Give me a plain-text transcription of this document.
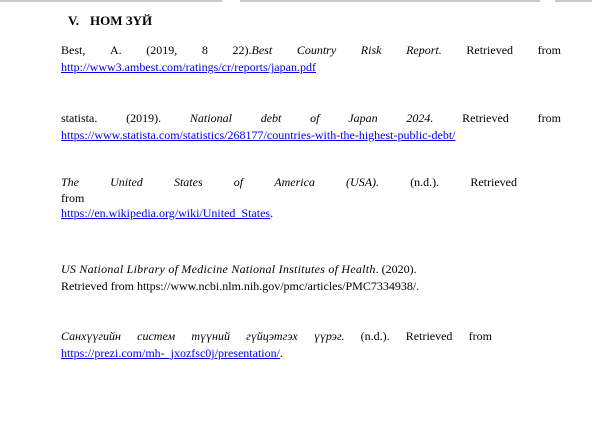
V. НОМ ЗҮЙ
Best, A. (2019, 8 22).Best Country Risk Report. Retrieved from
http://www3.ambest.com/ratings/cr/reports/japan.pdf
statista. (2019). National debt of Japan 2024. Retrieved from
https://www.statista.com/statistics/268177/countries-with-the-highest-public-debt/
The	United	States	of	America	(USA).	(n.d.).	Retrieved
from
https://en.wikipedia.org/wiki/United_States .
US National Library of Medicine National Institutes of Health . (2020).
Retrieved from https://www.ncbi.nlm.nih.gov/pmc/articles/PMC7334938/.
Санхүүгийн систем түүний гүйцэтгэх үүрэг. (n.d.). Retrieved from
https://prezi.com/mh-_jxozfsc0j/presentation/ .
